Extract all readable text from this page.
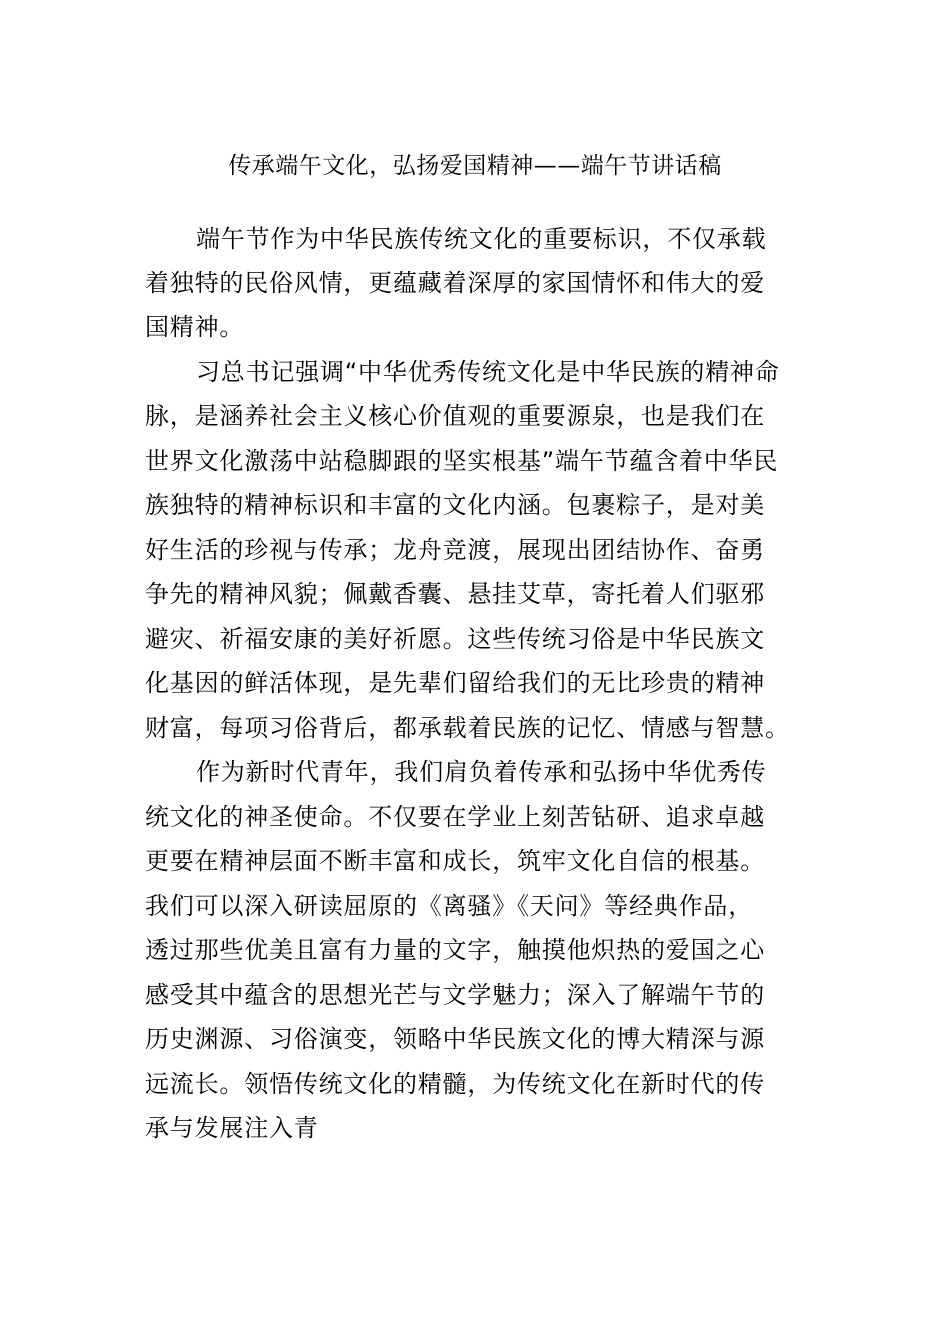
传承端午文化，弘扬爱国精神——端午节讲话稿
端午节作为中华民族传统文化的重要标识，不仅承载
着独特的民俗风情，更蕴藏着深厚的家国情怀和伟大的爱
国精神。
习总书记强调“中华优秀传统文化是中华民族的精神命
脉，是涵养社会主义核心价值观的重要源泉，也是我们在
世界文化激荡中站稳脚跟的坚实根基”端午节蕴含着中华民
族独特的精神标识和丰富的文化内涵。包裹粽子，是对美
好生活的珍视与传承；龙舟竞渡，展现出团结协作、奋勇
争先的精神风貌；佩戴香囊、悬挂艾草，寄托着人们驱邪
避灾、祈福安康的美好祈愿。这些传统习俗是中华民族文
化基因的鲜活体现，是先辈们留给我们的无比珍贵的精神
财富，每项习俗背后，都承载着民族的记忆、情感与智慧。
作为新时代青年，我们肩负着传承和弘扬中华优秀传
统文化的神圣使命。不仅要在学业上刻苦钻研、追求卓越
更要在精神层面不断丰富和成长，筑牢文化自信的根基。
我们可以深入研读屈原的《离骚》《天问》等经典作品，
透过那些优美且富有力量的文字，触摸他炽热的爱国之心
感受其中蕴含的思想光芒与文学魅力；深入了解端午节的
历史渊源、习俗演变，领略中华民族文化的博大精深与源
远流长。领悟传统文化的精髓，为传统文化在新时代的传
承与发展注入青
